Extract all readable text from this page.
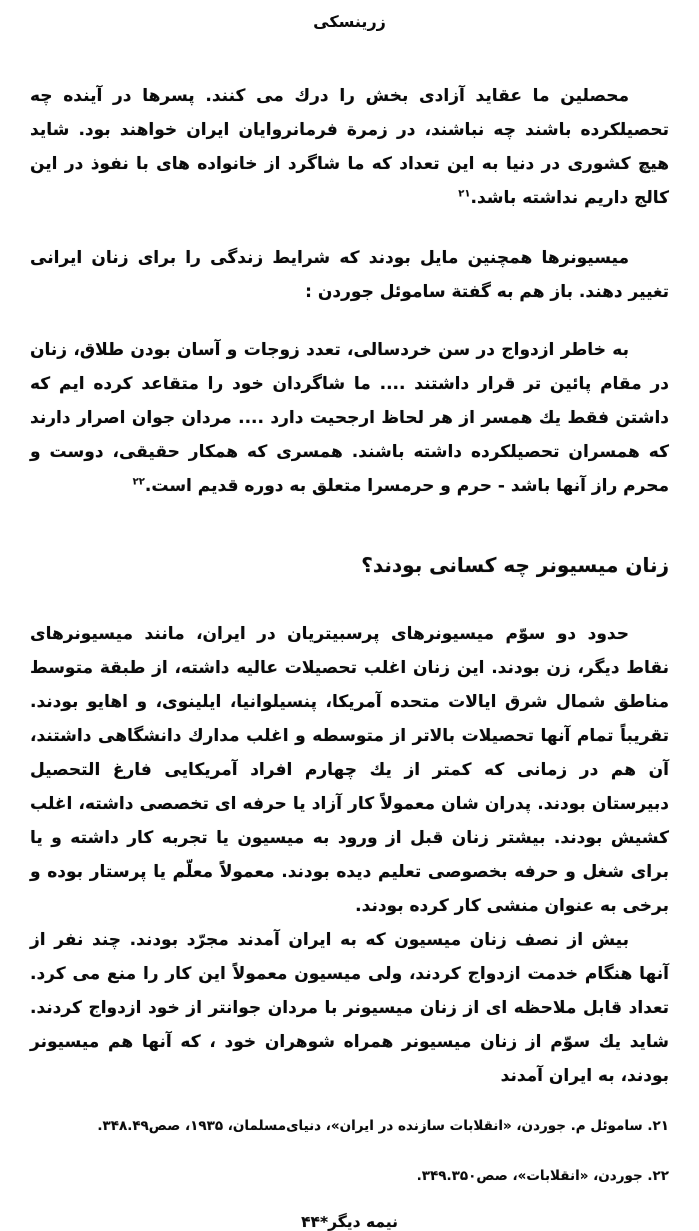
زرینسکی

محصلین ما عقاید آزادی بخش را درك می كنند. پسرها در آینده چه تحصیلكرده باشند چه نباشند، در زمرة فرمانروایان ایران خواهند بود. شاید هیچ كشوری در دنیا به این تعداد كه ما شاگرد از خانواده های با نفوذ در این كالج داریم نداشته باشد.$^{۲۱}$

میسیونرها همچنین مایل بودند كه شرایط زندگی را برای زنان ایرانی تغییر دهند. باز هم به گفتة ساموئل جوردن :

به خاطر ازدواج در سن خردسالی، تعدد زوجات و آسان بودن طلاق، زنان در مقام پائین تر قرار داشتند .... ما شاگردان خود را متقاعد كرده ایم كه داشتن فقط یك همسر از هر لحاظ ارجحیت دارد .... مردان جوان اصرار دارند كه همسران تحصیلكرده داشته باشند. همسری كه همكار حقیقی، دوست و محرم راز آنها باشد - حرم و حرمسرا متعلق به دوره قدیم است.$^{۲۲}$
زنان میسیونر چه كسانی بودند؟

حدود دو سوّم میسیونرهای پرسبیتریان در ایران، مانند میسیونرهای نقاط دیگر، زن بودند. این زنان اغلب تحصیلات عالیه داشته، از طبقة متوسط مناطق شمال شرق ایالات متحده آمریكا، پنسیلوانیا، ایلینوی، و اهایو بودند. تقریباً تمام آنها تحصیلات بالاتر از متوسطه و اغلب مدارك دانشگاهی داشتند، آن هم در زمانی كه كمتر از یك چهارم افراد آمریكایی فارغ التحصیل دبیرستان بودند. پدران شان معمولاً كار آزاد یا حرفه ای تخصصی داشته، اغلب كشیش بودند. بیشتر زنان قبل از ورود به میسیون یا تجربه كار داشته و یا برای شغل و حرفه بخصوصی تعلیم دیده بودند. معمولاً معلّم یا پرستار بوده و برخی به عنوان منشی كار كرده بودند.

بیش از نصف زنان میسیون كه به ایران آمدند مجرّد بودند. چند نفر از آنها هنگام خدمت ازدواج كردند، ولی میسیون معمولاً این كار را منع می كرد. تعداد قابل ملاحظه ای از زنان میسیونر با مردان جوانتر از خود ازدواج كردند. شاید یك سوّم از زنان میسیونر همراه شوهران خود ، كه آنها هم میسیونر بودند، به ایران آمدند

۲۱. ساموئل م. جوردن، «انقلابات سازنده در ایران»، دنیای‌مسلمان، ۱۹۳۵، صص۳۴۸.۴۹.
۲۲. جوردن، «انقلابات»، صص۳۴۹.۳۵۰.
نیمه دیگر*۴۴
